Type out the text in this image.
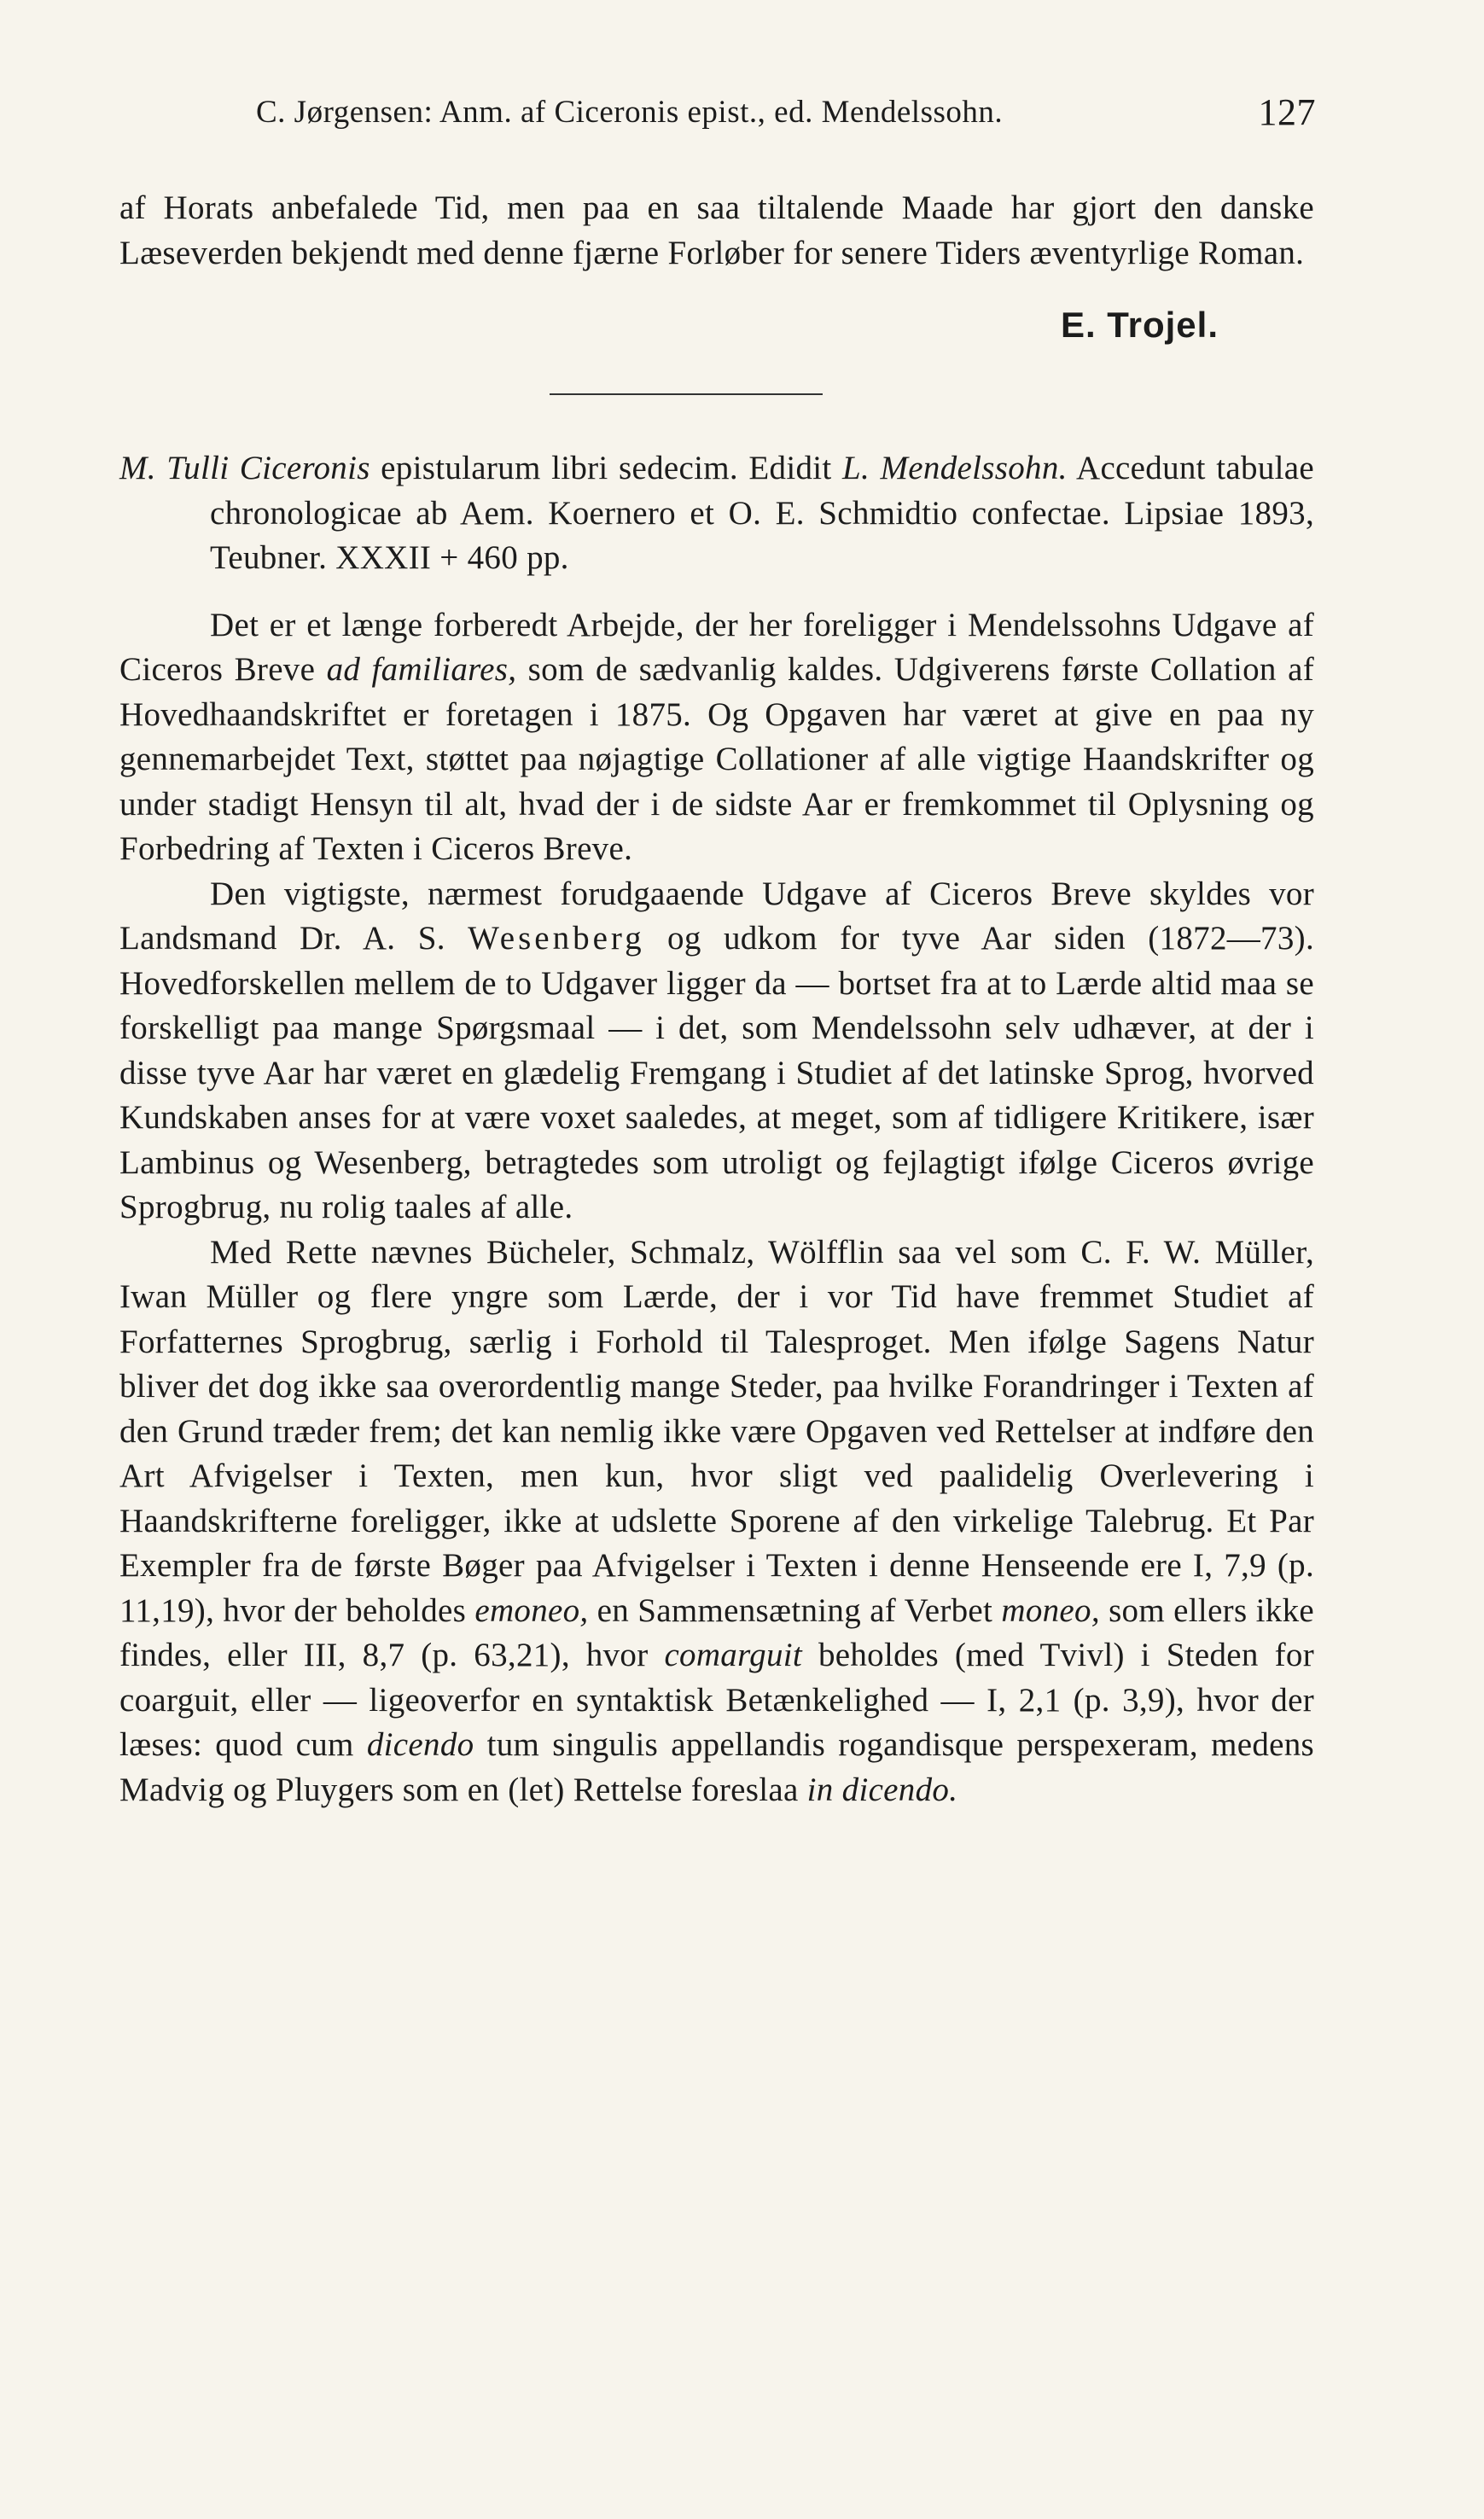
C. Jørgensen: Anm. af Ciceronis epist., ed. Mendelssohn.	127

af Horats anbefalede Tid, men paa en saa tiltalende Maade har gjort den danske Læseverden bekjendt med denne fjærne Forløber for senere Tiders æventyrlige Roman.

E. Trojel.

M. Tulli Ciceronis epistularum libri sedecim. Edidit L. Mendelssohn. Accedunt tabulae chronologicae ab Aem. Koernero et O. E. Schmidtio confectae. Lipsiae 1893, Teubner. XXXII + 460 pp.

Det er et længe forberedt Arbejde, der her foreligger i Mendelssohns Udgave af Ciceros Breve ad familiares, som de sædvanlig kaldes. Udgiverens første Collation af Hovedhaandskriftet er foretagen i 1875. Og Opgaven har været at give en paa ny gennemarbejdet Text, støttet paa nøjagtige Collationer af alle vigtige Haandskrifter og under stadigt Hensyn til alt, hvad der i de sidste Aar er fremkommet til Oplysning og Forbedring af Texten i Ciceros Breve.

Den vigtigste, nærmest forudgaaende Udgave af Ciceros Breve skyldes vor Landsmand Dr. A. S. Wesenberg og udkom for tyve Aar siden (1872—73). Hovedforskellen mellem de to Udgaver ligger da — bortset fra at to Lærde altid maa se forskelligt paa mange Spørgsmaal — i det, som Mendelssohn selv udhæver, at der i disse tyve Aar har været en glædelig Fremgang i Studiet af det latinske Sprog, hvorved Kundskaben anses for at være voxet saaledes, at meget, som af tidligere Kritikere, især Lambinus og Wesenberg, betragtedes som utroligt og fejlagtigt ifølge Ciceros øvrige Sprogbrug, nu rolig taales af alle.

Med Rette nævnes Bücheler, Schmalz, Wölfflin saa vel som C. F. W. Müller, Iwan Müller og flere yngre som Lærde, der i vor Tid have fremmet Studiet af Forfatternes Sprogbrug, særlig i Forhold til Talesproget. Men ifølge Sagens Natur bliver det dog ikke saa overordentlig mange Steder, paa hvilke Forandringer i Texten af den Grund træder frem; det kan nemlig ikke være Opgaven ved Rettelser at indføre den Art Afvigelser i Texten, men kun, hvor sligt ved paalidelig Overlevering i Haandskrifterne foreligger, ikke at udslette Sporene af den virkelige Talebrug. Et Par Exempler fra de første Bøger paa Afvigelser i Texten i denne Henseende ere I, 7,9 (p. 11,19), hvor der beholdes emoneo, en Sammensætning af Verbet moneo, som ellers ikke findes, eller III, 8,7 (p. 63,21), hvor comarguit beholdes (med Tvivl) i Steden for coarguit, eller — ligeoverfor en syntaktisk Betænkelighed — I, 2,1 (p. 3,9), hvor der læses: quod cum dicendo tum singulis appellandis rogandisque perspexeram, medens Madvig og Pluygers som en (let) Rettelse foreslaa in dicendo.
